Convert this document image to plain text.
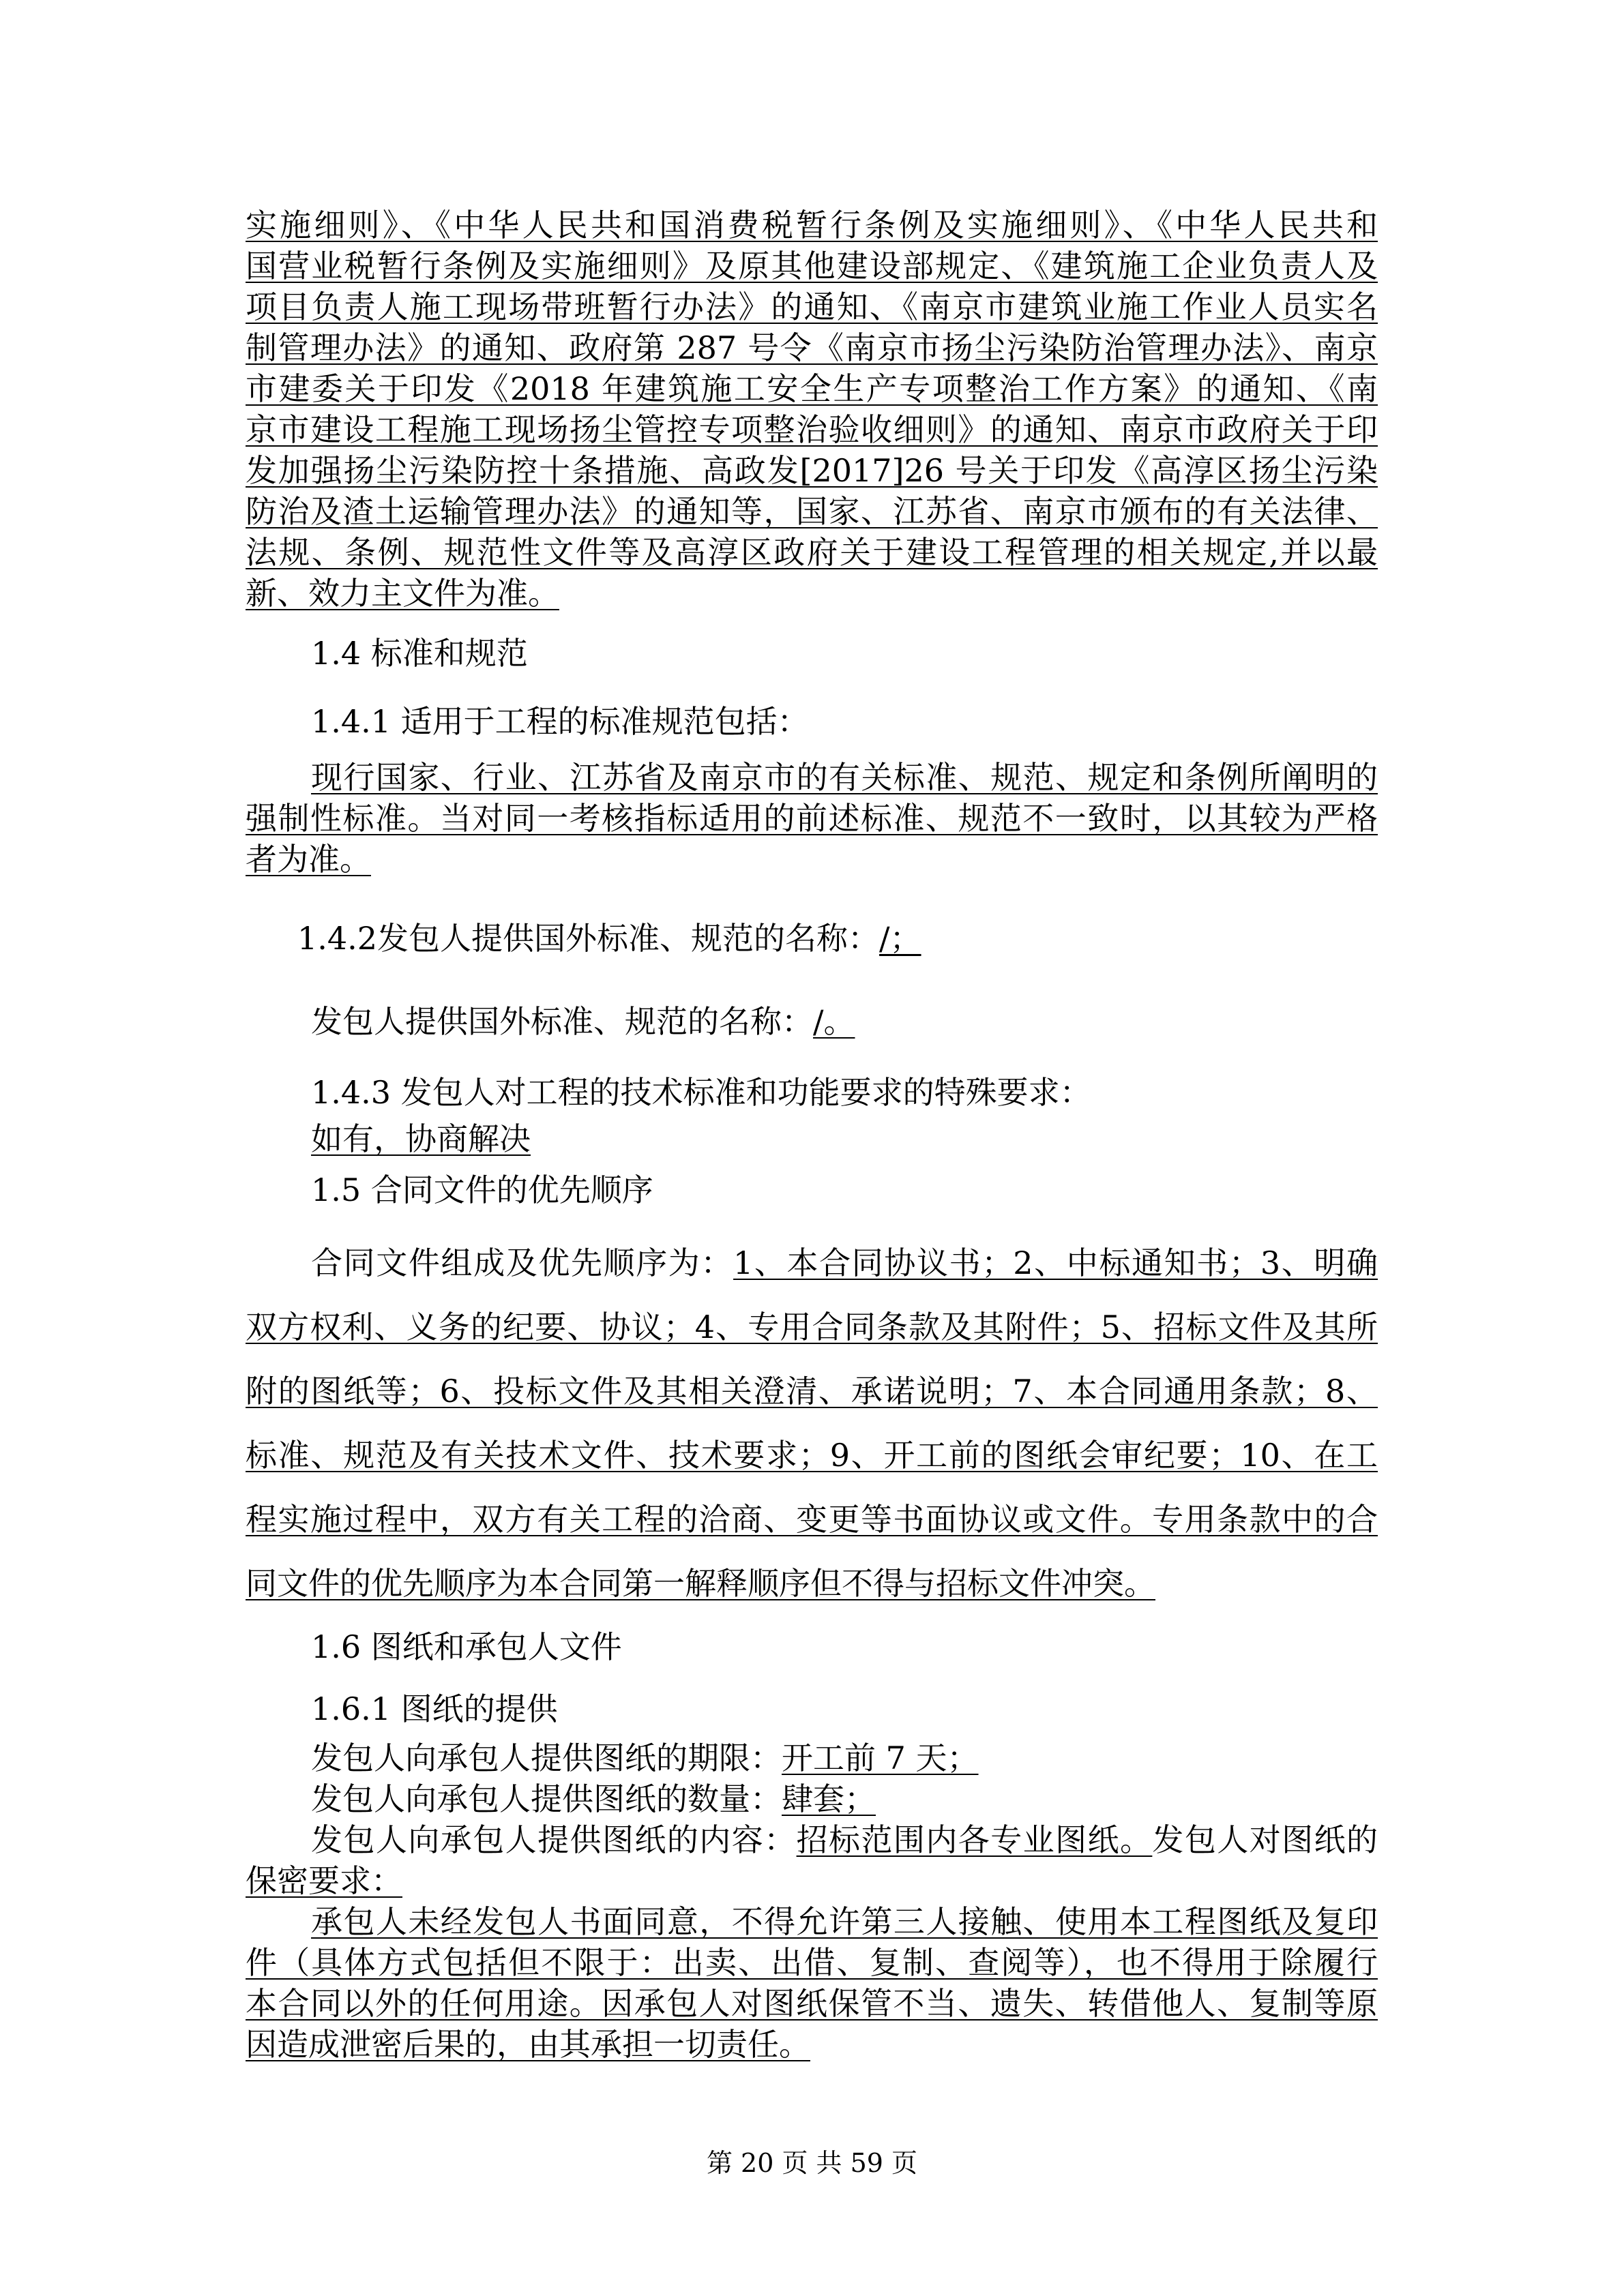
实施细则》、《中华人民共和国消费税暂行条例及实施细则》、《中华人民共和
国营业税暂行条例及实施细则》及原其他建设部规定、《建筑施工企业负责人及
项目负责人施工现场带班暂行办法》的通知、《南京市建筑业施工作业人员实名
制管理办法》的通知、政府第 287 号令《南京市扬尘污染防治管理办法》、南京
市建委关于印发《2018 年建筑施工安全生产专项整治工作方案》的通知、《南
京市建设工程施工现场扬尘管控专项整治验收细则》的通知、南京市政府关于印
发加强扬尘污染防控十条措施、高政发[2017]26 号关于印发《高淳区扬尘污染
防治及渣土运输管理办法》的通知等，国家、江苏省、南京市颁布的有关法律、
法规、条例、规范性文件等及高淳区政府关于建设工程管理的相关规定,并以最
新、效力主文件为准。
1.4 标准和规范
1.4.1 适用于工程的标准规范包括：
现行国家、行业、江苏省及南京市的有关标准、规范、规定和条例所阐明的
强制性标准。当对同一考核指标适用的前述标准、规范不一致时，以其较为严格
者为准。
1.4.2发包人提供国外标准、规范的名称：/；
发包人提供国外标准、规范的名称：/。
1.4.3 发包人对工程的技术标准和功能要求的特殊要求：
如有，协商解决
1.5 合同文件的优先顺序
合同文件组成及优先顺序为：1、本合同协议书；2、中标通知书；3、明确
双方权利、义务的纪要、协议；4、专用合同条款及其附件；5、招标文件及其所
附的图纸等；6、投标文件及其相关澄清、承诺说明；7、本合同通用条款；8、
标准、规范及有关技术文件、技术要求；9、开工前的图纸会审纪要；10、在工
程实施过程中，双方有关工程的洽商、变更等书面协议或文件。专用条款中的合
同文件的优先顺序为本合同第一解释顺序但不得与招标文件冲突。
1.6 图纸和承包人文件
1.6.1 图纸的提供
发包人向承包人提供图纸的期限：开工前 7 天；
发包人向承包人提供图纸的数量：肆套；
发包人向承包人提供图纸的内容：招标范围内各专业图纸。发包人对图纸的
保密要求：
承包人未经发包人书面同意，不得允许第三人接触、使用本工程图纸及复印
件（具体方式包括但不限于：出卖、出借、复制、查阅等），也不得用于除履行
本合同以外的任何用途。因承包人对图纸保管不当、遗失、转借他人、复制等原
因造成泄密后果的，由其承担一切责任。
第 20 页 共 59 页
